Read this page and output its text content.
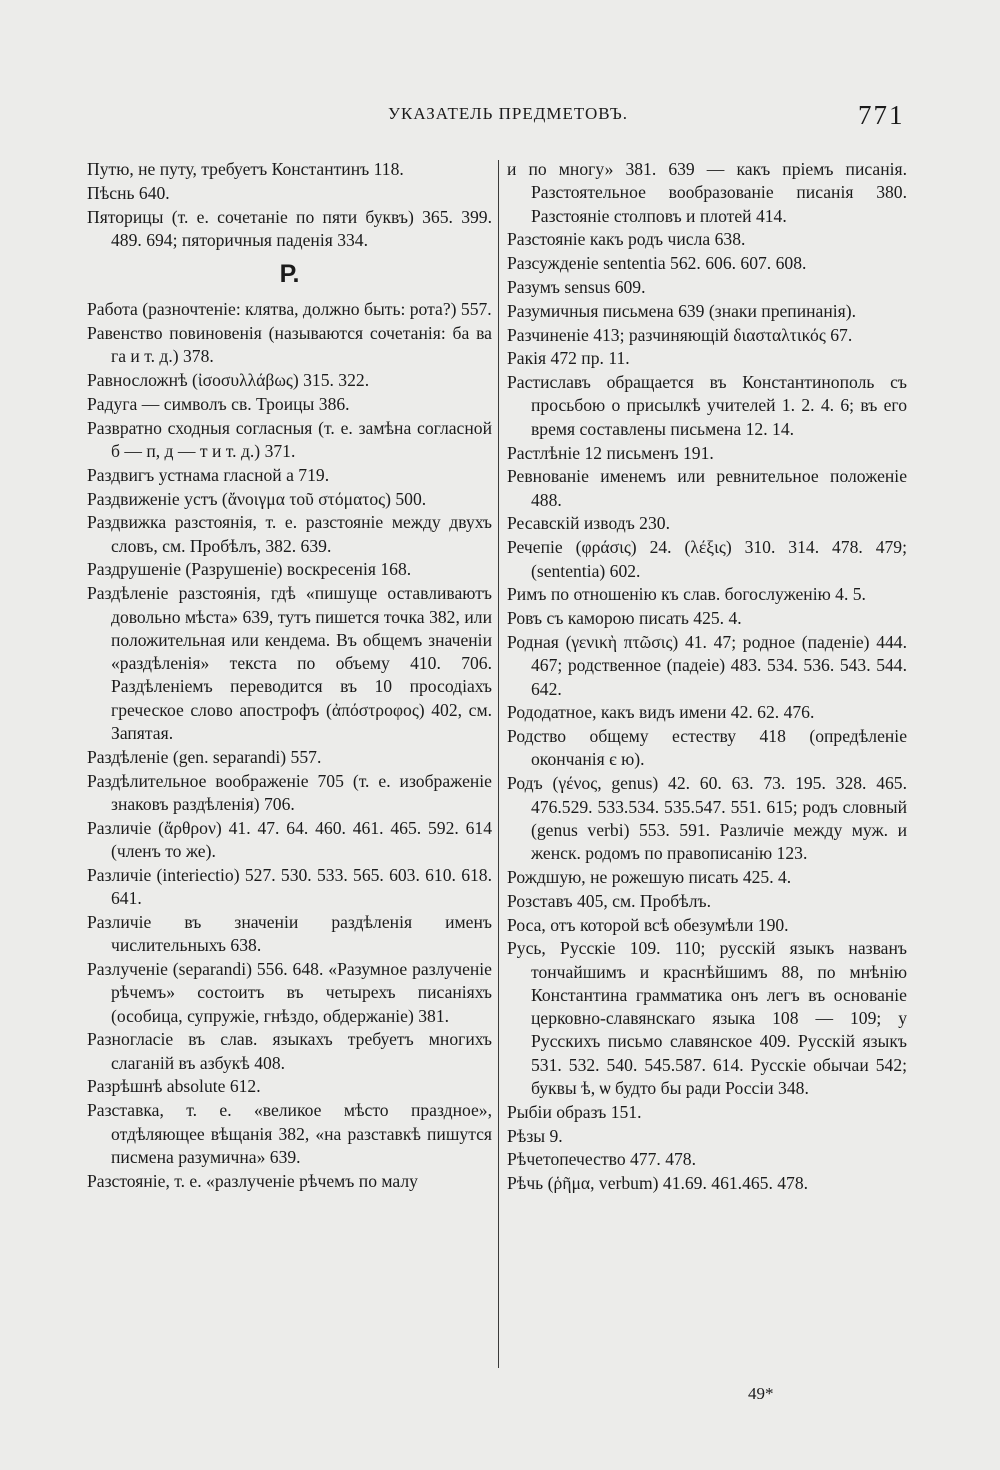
УКАЗАТЕЛЬ ПРЕДМЕТОВЪ.	771
Путю, не путу, требуетъ Константинъ 118.
Пѣснь 640.
Пяторицы (т. е. сочетаніе по пяти буквъ) 365. 399. 489. 694; пяторичныя паденія 334.
Р.
Работа (разночтеніе: клятва, должно быть: рота?) 557.
Равенство повиновенія (называются сочетанія: ба ва га и т. д.) 378.
Равносложнѣ (ἰσοσυλλάβως) 315. 322.
Радуга — символъ св. Троицы 386.
Развратно сходныя согласныя (т. е. замѣна согласной б — п, д — т и т. д.) 371.
Раздвигъ устнама гласной а 719.
Раздвиженіе устъ (ἄνοιγμα τοῦ στόματος) 500.
Раздвижка разстоянія, т. е. разстояніе между двухъ словъ, см. Пробѣлъ, 382. 639.
Раздрушеніе (Разрушеніе) воскресенія 168.
Раздѣленіе разстоянія, гдѣ «пишуще оставливаютъ довольно мѣста» 639, тутъ пишется точка 382, или положительная или кендема. Въ общемъ значеніи «раздѣленія» текста по объему 410. 706. Раздѣленіемъ переводится въ 10 просодіахъ греческое слово апострофъ (ἀπόστροφος) 402, см. Запятая.
Раздѣленіе (gen. separandi) 557.
Раздѣлительное воображеніе 705 (т. е. изображеніе знаковъ раздѣленія) 706.
Различіе (ἄρθρον) 41. 47. 64. 460. 461. 465. 592. 614 (членъ то же).
Различіе (interiectio) 527. 530. 533. 565. 603. 610. 618. 641.
Различіе въ значеніи раздѣленія именъ числительныхъ 638.
Разлученіе (separandi) 556. 648. «Разумное разлученіе рѣчемъ» состоитъ въ четырехъ писаніяхъ (особица, супружіе, гнѣздо, обдержаніе) 381.
Разногласіе въ слав. языкахъ требуетъ многихъ слаганій въ азбукѣ 408.
Разрѣшнѣ absolute 612.
Разставка, т. е. «великое мѣсто праздное», отдѣляющее вѣщанія 382, «на разставкѣ пишутся писмена разумична» 639.
Разстояніе, т. е. «разлученіе рѣчемъ по малу
и по многу» 381. 639 — какъ пріемъ писанія. Разстоятельное вообразованіе писанія 380. Разстояніе столповъ и плотей 414.
Разстояніе какъ родъ числа 638.
Разсужденіе sententia 562. 606. 607. 608.
Разумъ sensus 609.
Разумичныя письмена 639 (знаки препинанія).
Разчиненіе 413; разчиняющій διασταλτικός 67.
Ракія 472 пр. 11.
Растиславъ обращается въ Константинополь съ просьбою о присылкѣ учителей 1. 2. 4. 6; въ его время составлены письмена 12. 14.
Растлѣніе 12 письменъ 191.
Ревнованіе именемъ или ревнительное положеніе 488.
Ресавскій изводъ 230.
Речепіе (φράσις) 24. (λέξις) 310. 314. 478. 479; (sententia) 602.
Римъ по отношенію къ слав. богослуженію 4. 5.
Ровъ съ каморою писать 425. 4.
Родная (γενικὴ πτῶσις) 41. 47; родное (паденіе) 444. 467; родственное (падеіе) 483. 534. 536. 543. 544. 642.
Рододатное, какъ видъ имени 42. 62. 476.
Родство общему естеству 418 (опредѣленіе окончанія є ю).
Родъ (γένος, genus) 42. 60. 63. 73. 195. 328. 465. 476.529. 533.534. 535.547. 551. 615; родъ словный (genus verbi) 553. 591. Различіе между муж. и женск. родомъ по правописанію 123.
Рождшую, не рожешую писать 425. 4.
Розставъ 405, см. Пробѣлъ.
Роса, отъ которой всѣ обезумѣли 190.
Русь, Русскіе 109. 110; русскій языкъ названъ тончайшимъ и краснѣйшимъ 88, по мнѣнію Константина грамматика онъ легъ въ основаніе церковно-славянскаго языка 108 — 109; у Русскихъ письмо славянское 409. Русскій языкъ 531. 532. 540. 545.587. 614. Русскіе обычаи 542; буквы ѣ, ѡ будто бы ради Россіи 348.
Рыбіи образъ 151.
Рѣзы 9.
Рѣчетопечество 477. 478.
Рѣчь (ῥῆμα, verbum) 41.69. 461.465. 478.
49*
